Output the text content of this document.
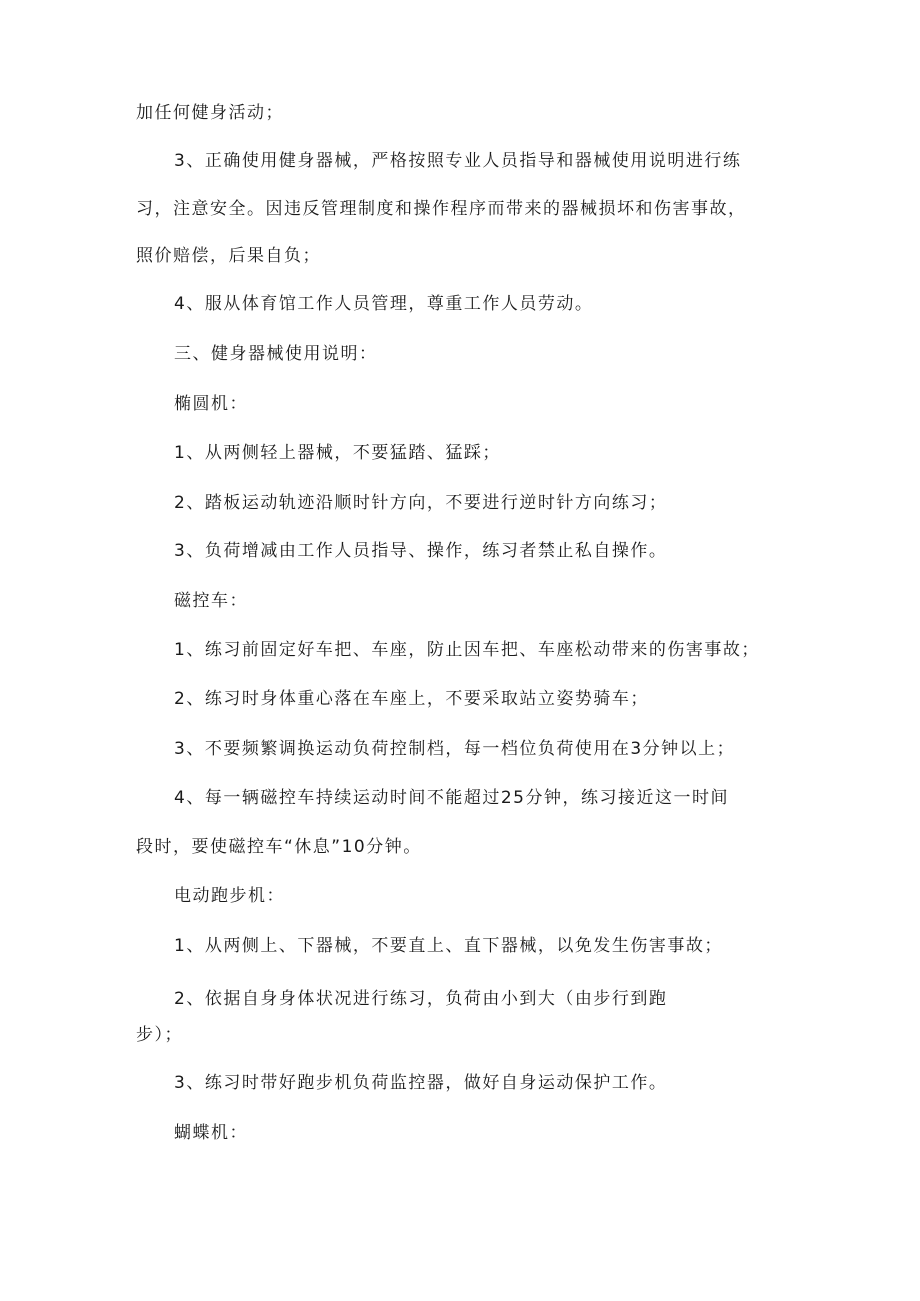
加任何健身活动；
3、正确使用健身器械，严格按照专业人员指导和器械使用说明进行练
习，注意安全。因违反管理制度和操作程序而带来的器械损坏和伤害事故，
照价赔偿，后果自负；
4、服从体育馆工作人员管理，尊重工作人员劳动。
三、健身器械使用说明：
椭圆机：
1、从两侧轻上器械，不要猛踏、猛踩；
2、踏板运动轨迹沿顺时针方向，不要进行逆时针方向练习；
3、负荷增减由工作人员指导、操作，练习者禁止私自操作。
磁控车：
1、练习前固定好车把、车座，防止因车把、车座松动带来的伤害事故；
2、练习时身体重心落在车座上，不要采取站立姿势骑车；
3、不要频繁调换运动负荷控制档，每一档位负荷使用在3分钟以上；
4、每一辆磁控车持续运动时间不能超过25分钟，练习接近这一时间
段时，要使磁控车“休息”10分钟。
电动跑步机：
1、从两侧上、下器械，不要直上、直下器械，以免发生伤害事故；
2、依据自身身体状况进行练习，负荷由小到大（由步行到跑
步）；
3、练习时带好跑步机负荷监控器，做好自身运动保护工作。
蝴蝶机：
